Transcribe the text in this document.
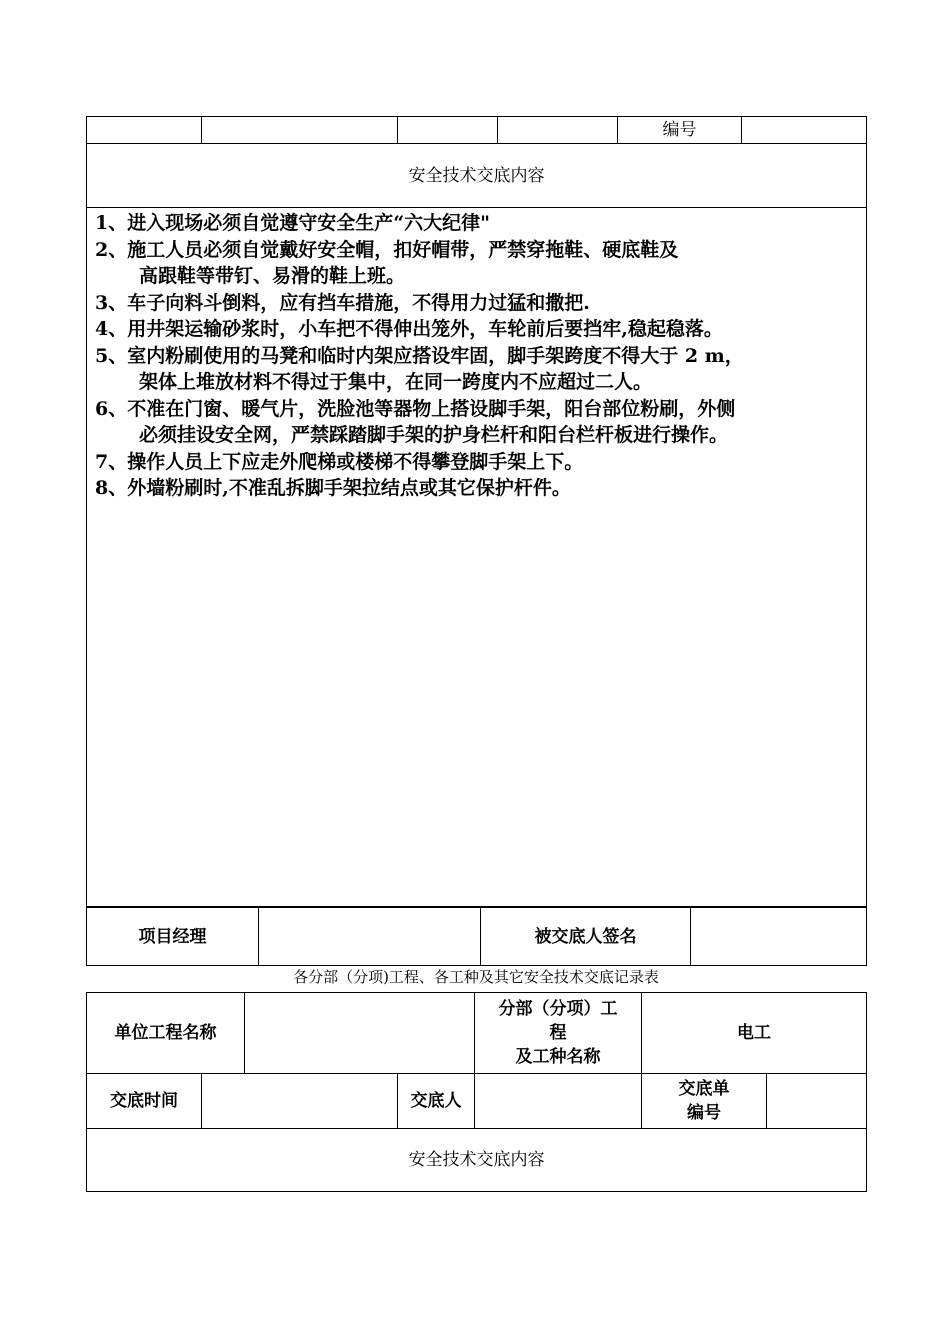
				编号	
安全技术交底内容

1、进入现场必须自觉遵守安全生产“六大纪律"
2、施工人员必须自觉戴好安全帽，扣好帽带，严禁穿拖鞋、硬底鞋及
高跟鞋等带钉、易滑的鞋上班。
3、车子向料斗倒料，应有挡车措施，不得用力过猛和撒把.
4、用井架运输砂浆时，小车把不得伸出笼外，车轮前后要挡牢,稳起稳落。
5、室内粉刷使用的马凳和临时内架应搭设牢固，脚手架跨度不得大于 2 m，
架体上堆放材料不得过于集中，在同一跨度内不应超过二人。
6、不准在门窗、暖气片，洗脸池等器物上搭设脚手架，阳台部位粉刷，外侧
必须挂设安全网，严禁踩踏脚手架的护身栏杆和阳台栏杆板进行操作。
7、操作人员上下应走外爬梯或楼梯不得攀登脚手架上下。
8、外墙粉刷时,不准乱拆脚手架拉结点或其它保护杆件。
项目经理		被交底人签名	
各分部（分项)工程、各工种及其它安全技术交底记录表
单位工程名称				分部（分项）工
程
及工种名称	电工
交底时间			交底人		交底单
编号

安全技术交底内容					
